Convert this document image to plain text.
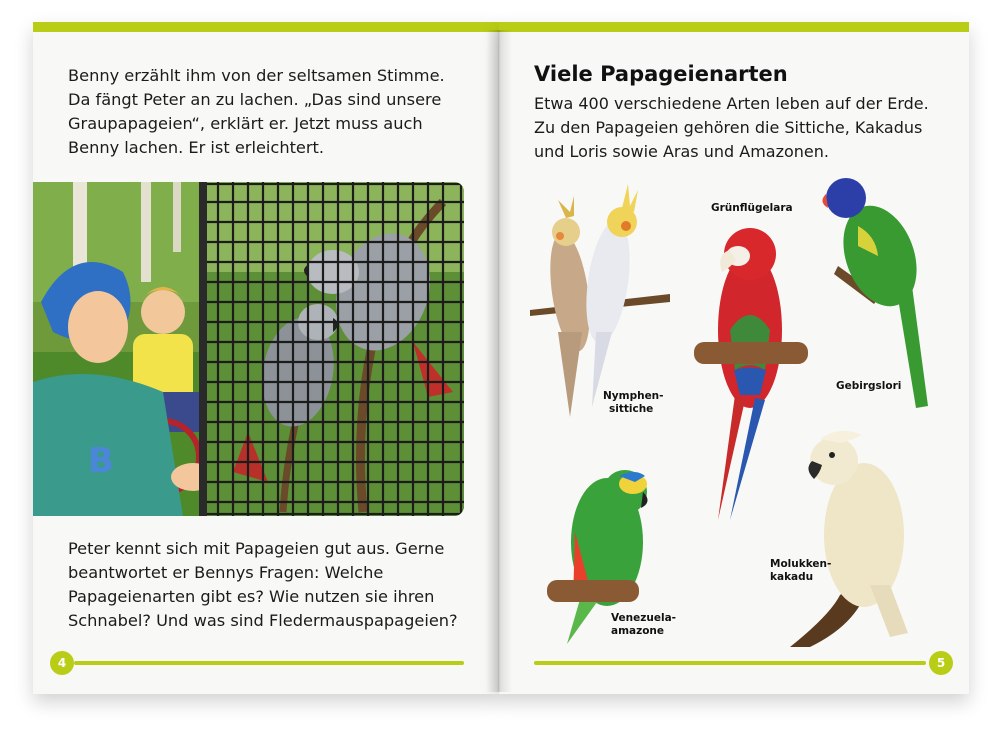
Benny erzählt ihm von der seltsamen Stimme. Da fängt Peter an zu lachen. „Das sind unsere Graupapageien“, erklärt er. Jetzt muss auch Benny lachen. Er ist erleichtert.

B

Peter kennt sich mit Papageien gut aus. Gerne beantwortet er Bennys Fragen: Welche Papageienarten gibt es? Wie nutzen sie ihren Schnabel? Und was sind Fledermauspapageien?

4
Viele Papageienarten

Etwa 400 verschiedene Arten leben auf der Erde. Zu den Papageien gehören die Sittiche, Kakadus und Loris sowie Aras und Amazonen.

Nymphen-
sittiche
Grünflügelara
Gebirgslori
Venezuela-
amazone
Molukken-
kakadu
5
